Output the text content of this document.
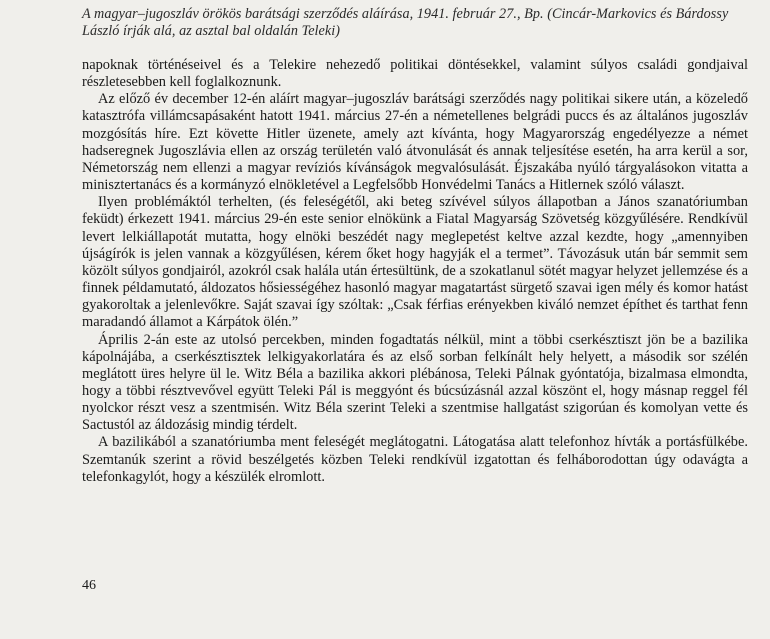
A magyar–jugoszláv örökös barátsági szerződés aláírása, 1941. február 27., Bp. (Cincár-Markovics és Bárdossy László írják alá, az asztal bal oldalán Teleki)

napoknak történéseivel és a Telekire nehezedő politikai döntésekkel, valamint súlyos családi gondjaival részletesebben kell foglalkoznunk.

Az előző év december 12-én aláírt magyar–jugoszláv barátsági szerződés nagy politikai sikere után, a közeledő katasztrófa villámcsapásaként hatott 1941. március 27-én a németellenes belgrádi puccs és az általános jugoszláv mozgósítás híre. Ezt követte Hitler üzenete, amely azt kívánta, hogy Magyarország engedélyezze a német hadseregnek Jugoszlávia ellen az ország területén való átvonulását és annak teljesítése esetén, ha arra kerül a sor, Németország nem ellenzi a magyar revíziós kívánságok megvalósulását. Éjszakába nyúló tárgyalásokon vitatta a minisztertanács és a kormányzó elnökletével a Legfelsőbb Honvédelmi Tanács a Hitlernek szóló választ.

Ilyen problémáktól terhelten, (és feleségétől, aki beteg szívével súlyos állapotban a János szanatóriumban feküdt) érkezett 1941. március 29-én este senior elnökünk a Fiatal Magyarság Szövetség közgyűlésére. Rendkívül levert lelkiállapotát mutatta, hogy elnöki beszédét nagy meglepetést keltve azzal kezdte, hogy „amennyiben újságírók is jelen vannak a közgyűlésen, kérem őket hogy hagyják el a termet”. Távozásuk után bár semmit sem közölt súlyos gondjairól, azokról csak halála után értesültünk, de a szokatlanul sötét magyar helyzet jellemzése és a finnek példamutató, áldozatos hősiességéhez hasonló magyar magatartást sürgető szavai igen mély és komor hatást gyakoroltak a jelenlevőkre. Saját szavai így szóltak: „Csak férfias erényekben kiváló nemzet építhet és tarthat fenn maradandó államot a Kárpátok ölén.”

Április 2-án este az utolsó percekben, minden fogadtatás nélkül, mint a többi cserkésztiszt jön be a bazilika kápolnájába, a cserkésztisztek lelkigyakorlatára és az első sorban felkínált hely helyett, a második sor szélén meglátott üres helyre ül le. Witz Béla a bazilika akkori plébánosa, Teleki Pálnak gyóntatója, bizalmasa elmondta, hogy a többi résztvevővel együtt Teleki Pál is meggyónt és búcsúzásnál azzal köszönt el, hogy másnap reggel fél nyolckor részt vesz a szentmisén. Witz Béla szerint Teleki a szentmise hallgatást szigorúan és komolyan vette és Sactustól az áldozásig mindig térdelt.

A bazilikából a szanatóriumba ment feleségét meglátogatni. Látogatása alatt telefonhoz hívták a portásfülkébe. Szemtanúk szerint a rövid beszélgetés közben Teleki rendkívül izgatottan és felháborodottan úgy odavágta a telefonkagylót, hogy a készülék elromlott.

46
